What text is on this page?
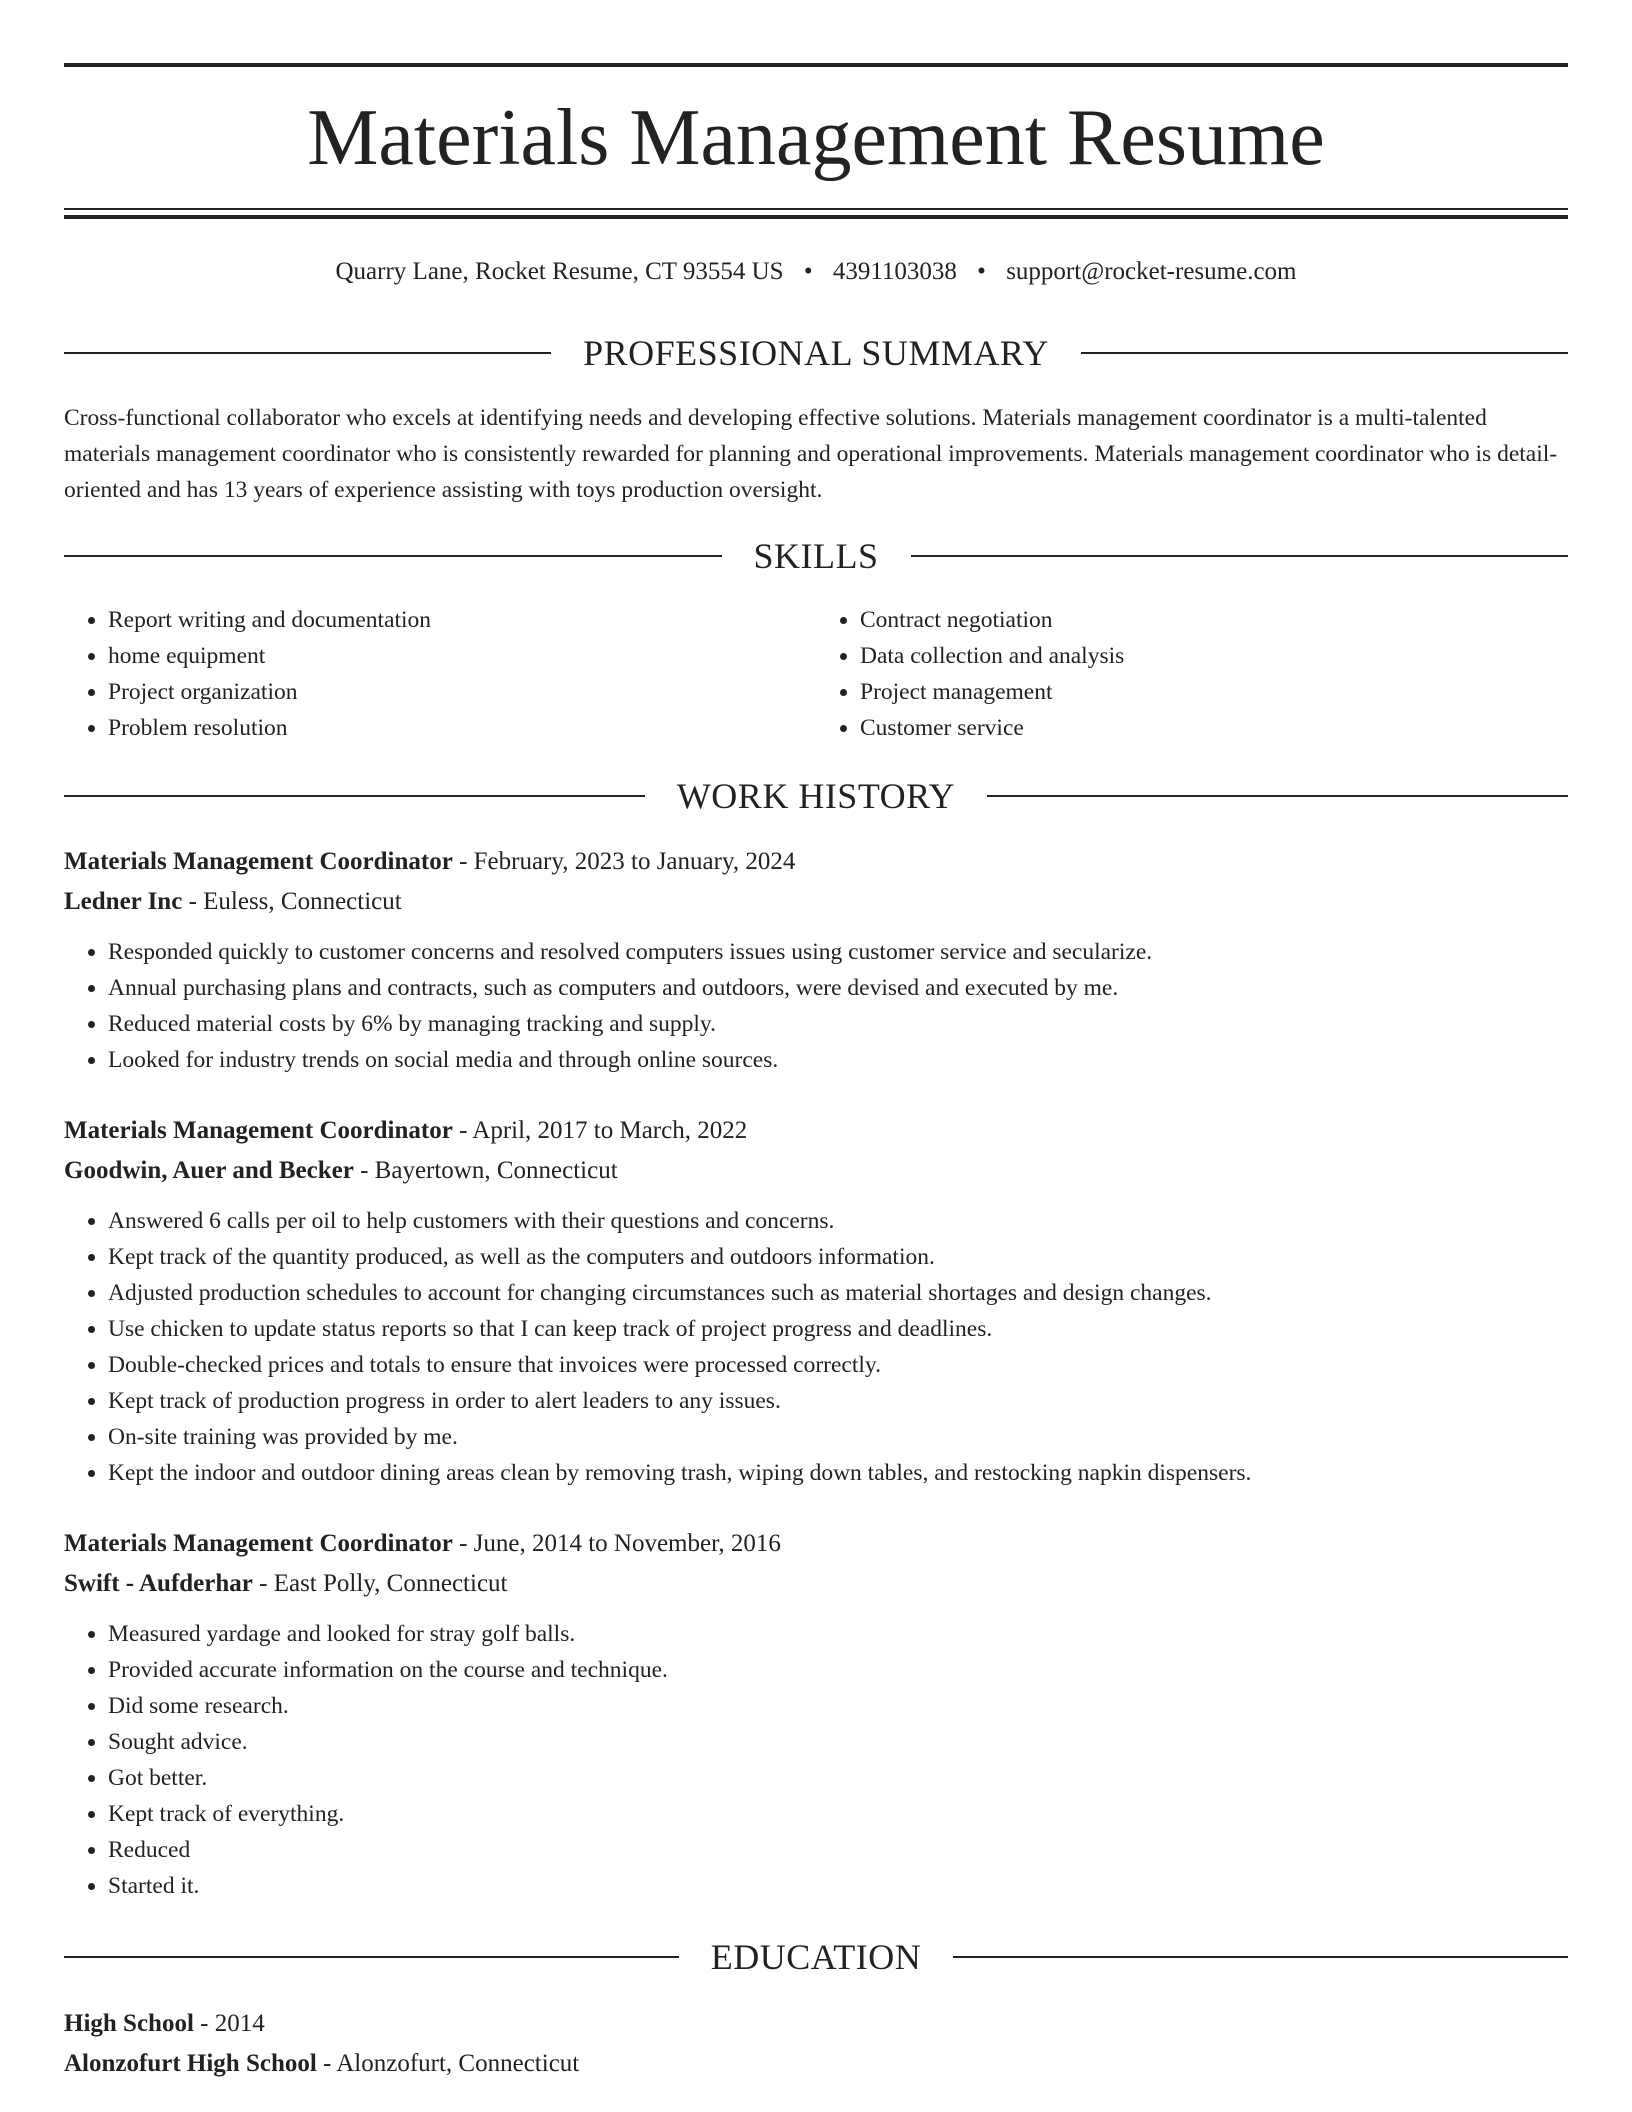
Materials Management Resume
Quarry Lane, Rocket Resume, CT 93554 US • 4391103038 • support@rocket-resume.com
PROFESSIONAL SUMMARY

Cross-functional collaborator who excels at identifying needs and developing effective solutions. Materials management coordinator is a multi-talented materials management coordinator who is consistently rewarded for planning and operational improvements. Materials management coordinator who is detail-oriented and has 13 years of experience assisting with toys production oversight.

SKILLS
• Report writing and documentation
• home equipment
• Project organization
• Problem resolution
• Contract negotiation
• Data collection and analysis
• Project management
• Customer service
WORK HISTORY
Materials Management Coordinator - February, 2023 to January, 2024
Ledner Inc - Euless, Connecticut
• Responded quickly to customer concerns and resolved computers issues using customer service and secularize.
• Annual purchasing plans and contracts, such as computers and outdoors, were devised and executed by me.
• Reduced material costs by 6% by managing tracking and supply.
• Looked for industry trends on social media and through online sources.
Materials Management Coordinator - April, 2017 to March, 2022
Goodwin, Auer and Becker - Bayertown, Connecticut
• Answered 6 calls per oil to help customers with their questions and concerns.
• Kept track of the quantity produced, as well as the computers and outdoors information.
• Adjusted production schedules to account for changing circumstances such as material shortages and design changes.
• Use chicken to update status reports so that I can keep track of project progress and deadlines.
• Double-checked prices and totals to ensure that invoices were processed correctly.
• Kept track of production progress in order to alert leaders to any issues.
• On-site training was provided by me.
• Kept the indoor and outdoor dining areas clean by removing trash, wiping down tables, and restocking napkin dispensers.
Materials Management Coordinator - June, 2014 to November, 2016
Swift - Aufderhar - East Polly, Connecticut
• Measured yardage and looked for stray golf balls.
• Provided accurate information on the course and technique.
• Did some research.
• Sought advice.
• Got better.
• Kept track of everything.
• Reduced
• Started it.
EDUCATION
High School - 2014
Alonzofurt High School - Alonzofurt, Connecticut
